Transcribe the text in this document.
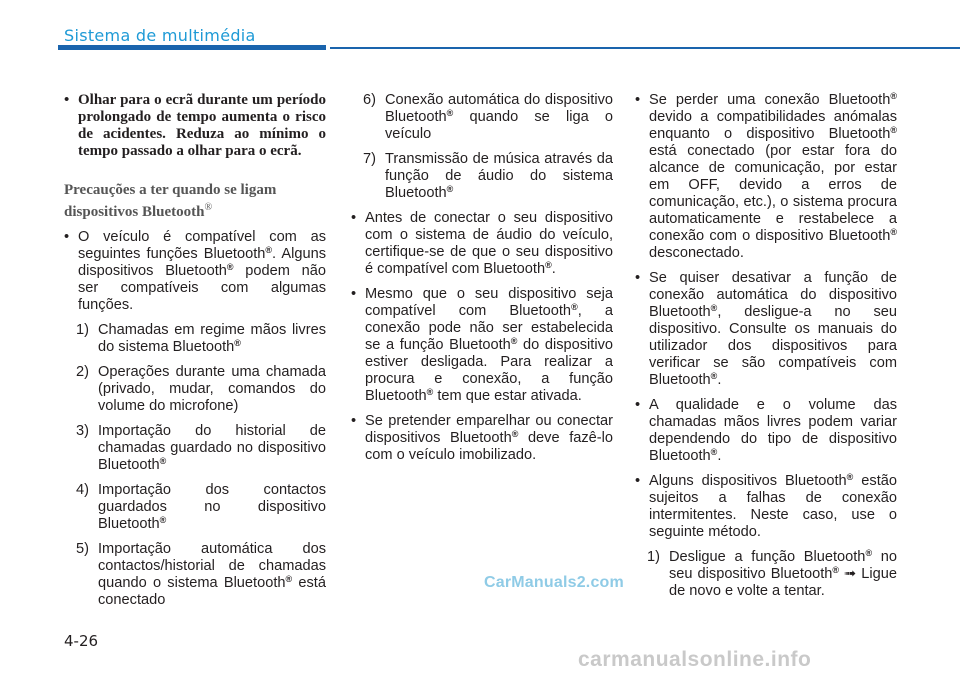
Sistema de multimédia
• Olhar para o ecrã durante um período prolongado de tempo aumenta o risco de acidentes. Reduza ao mínimo o tempo passado a olhar para o ecrã.
Precauções a ter quando se ligam dispositivos Bluetooth®
• O veículo é compatível com as seguintes funções Bluetooth®. Alguns dispositivos Bluetooth® podem não ser compatíveis com algumas funções.
1) Chamadas em regime mãos livres do sistema Bluetooth®
2) Operações durante uma chamada (privado, mudar, comandos do volume do microfone)
3) Importação do historial de chamadas guardado no dispositivo Bluetooth®
4) Importação dos contactos guardados no dispositivo Bluetooth®
5) Importação automática dos contactos/historial de chamadas quando o sistema Bluetooth® está conectado
6) Conexão automática do dispositivo Bluetooth® quando se liga o veículo
7) Transmissão de música através da função de áudio do sistema Bluetooth®
• Antes de conectar o seu dispositivo com o sistema de áudio do veículo, certifique-se de que o seu dispositivo é compatível com Bluetooth®.
• Mesmo que o seu dispositivo seja compatível com Bluetooth®, a conexão pode não ser estabelecida se a função Bluetooth® do dispositivo estiver desligada. Para realizar a procura e conexão, a função Bluetooth® tem que estar ativada.
• Se pretender emparelhar ou conectar dispositivos Bluetooth® deve fazê-lo com o veículo imobilizado.
• Se perder uma conexão Bluetooth® devido a compatibilidades anómalas enquanto o dispositivo Bluetooth® está conectado (por estar fora do alcance de comunicação, por estar em OFF, devido a erros de comunicação, etc.), o sistema procura automaticamente e restabelece a conexão com o dispositivo Bluetooth® desconectado.
• Se quiser desativar a função de conexão automática do dispositivo Bluetooth®, desligue-a no seu dispositivo. Consulte os manuais do utilizador dos dispositivos para verificar se são compatíveis com Bluetooth®.
• A qualidade e o volume das chamadas mãos livres podem variar dependendo do tipo de dispositivo Bluetooth®.
• Alguns dispositivos Bluetooth® estão sujeitos a falhas de conexão intermitentes. Neste caso, use o seguinte método.
1) Desligue a função Bluetooth® no seu dispositivo Bluetooth® ➟ Ligue de novo e volte a tentar.
4-26
CarManuals2.com
carmanualsonline.info
